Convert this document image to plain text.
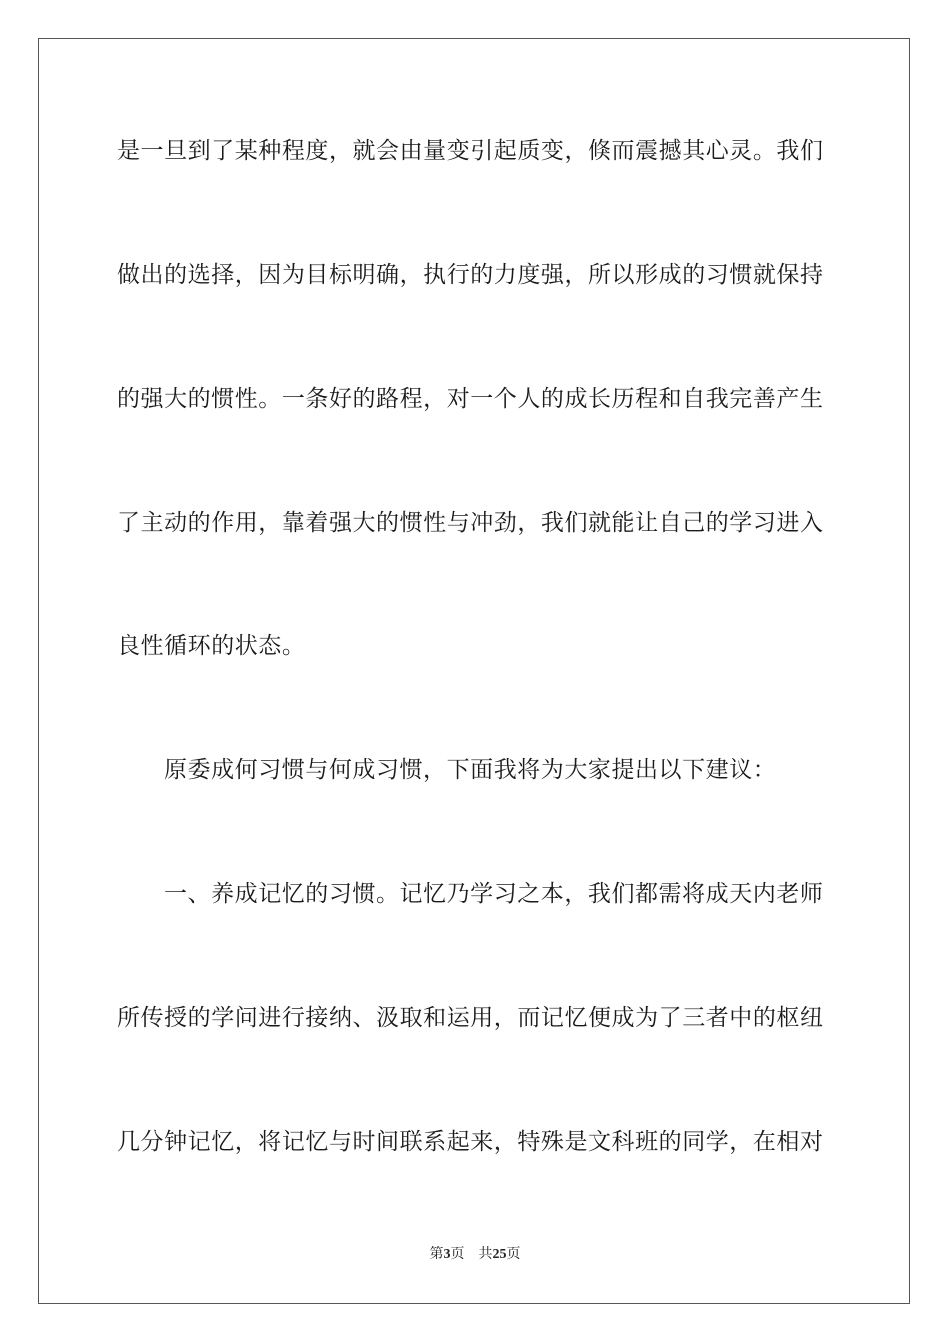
是一旦到了某种程度，就会由量变引起质变，倏而震撼其心灵。我们
做出的选择，因为目标明确，执行的力度强，所以形成的习惯就保持
的强大的惯性。一条好的路程，对一个人的成长历程和自我完善产生
了主动的作用，靠着强大的惯性与冲劲，我们就能让自己的学习进入
良性循环的状态。
原委成何习惯与何成习惯，下面我将为大家提出以下建议：
一、养成记忆的习惯。记忆乃学习之本，我们都需将成天内老师
所传授的学问进行接纳、汲取和运用，而记忆便成为了三者中的枢纽
几分钟记忆，将记忆与时间联系起来，特殊是文科班的同学，在相对
第3页 共25页
